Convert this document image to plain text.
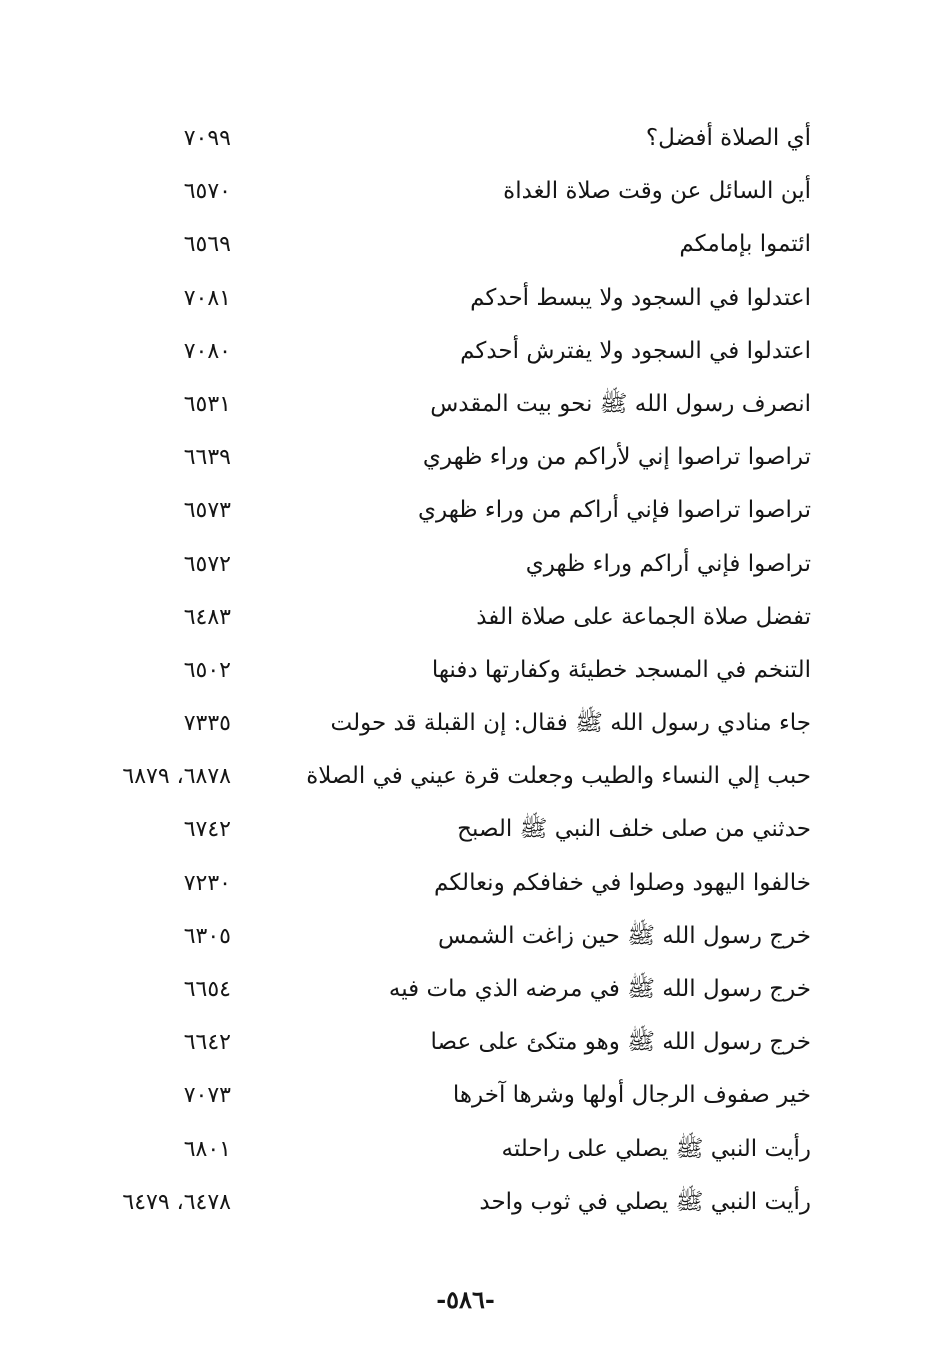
أي الصلاة أفضل؟
٧٠٩٩
أين السائل عن وقت صلاة الغداة
٦٥٧٠
ائتموا بإمامكم
٦٥٦٩
اعتدلوا في السجود ولا يبسط أحدكم
٧٠٨١
اعتدلوا في السجود ولا يفترش أحدكم
٧٠٨٠
انصرف رسول الله ﷺ نحو بيت المقدس
٦٥٣١
تراصوا تراصوا إني لأراكم من وراء ظهري
٦٦٣٩
تراصوا تراصوا فإني أراكم من وراء ظهري
٦٥٧٣
تراصوا فإني أراكم وراء ظهري
٦٥٧٢
تفضل صلاة الجماعة على صلاة الفذ
٦٤٨٣
التنخم في المسجد خطيئة وكفارتها دفنها
٦٥٠٢
جاء منادي رسول الله ﷺ فقال: إن القبلة قد حولت
٧٣٣٥
حبب إلي النساء والطيب وجعلت قرة عيني في الصلاة
٦٨٧٨، ٦٨٧٩
حدثني من صلى خلف النبي ﷺ الصبح
٦٧٤٢
خالفوا اليهود وصلوا في خفافكم ونعالكم
٧٢٣٠
خرج رسول الله ﷺ حين زاغت الشمس
٦٣٠٥
خرج رسول الله ﷺ في مرضه الذي مات فيه
٦٦٥٤
خرج رسول الله ﷺ وهو متكئ على عصا
٦٦٤٢
خير صفوف الرجال أولها وشرها آخرها
٧٠٧٣
رأيت النبي ﷺ يصلي على راحلته
٦٨٠١
رأيت النبي ﷺ يصلي في ثوب واحد
٦٤٧٨، ٦٤٧٩
-٥٨٦-
